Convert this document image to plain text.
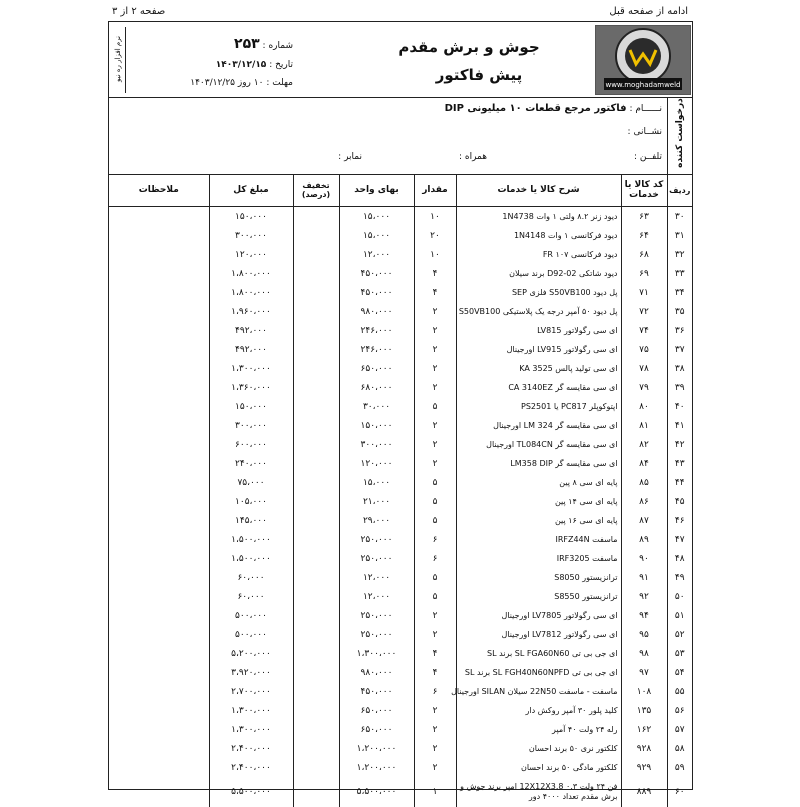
صفحه ۲ از ۳	ادامه از صفحه قبل
نرم افزار ره نیو	شماره : ۲۵۳
تاریخ : ۱۴۰۳/۱۲/۱۵
مهلت : ۱۰ روز ۱۴۰۳/۱۲/۲۵
جوش و برش مقدم
پیش فاکتور
www.moghadamweld
درخواست کننده
نــــــام : فاکتور مرجع قطعات ۱۰ میلیونی DIP
نشــانی :
تلفــن :
همراه :
نمابر :
ملاحظات	مبلغ کل	تخفیف (درصد)	بهای واحد	مقدار	شرح کالا یا خدمات	کد کالا یا خدمات	ردیف
	۱۵۰،۰۰۰		۱۵،۰۰۰	۱۰	دیود زنر ۸.۲ ولتی ۱ وات 1N4738	۶۳	۳۰
	۳۰۰،۰۰۰		۱۵،۰۰۰	۲۰	دیود فرکانسی ۱ وات 1N4148	۶۴	۳۱
	۱۲۰،۰۰۰		۱۲،۰۰۰	۱۰	دیود فرکانسی FR ۱۰۷	۶۸	۳۲
	۱،۸۰۰،۰۰۰		۴۵۰،۰۰۰	۴	دیود شاتکی D92-02 برند سیلان	۶۹	۳۳
	۱،۸۰۰،۰۰۰		۴۵۰،۰۰۰	۴	پل دیود S50VB100 فلزی SEP	۷۱	۳۴
	۱،۹۶۰،۰۰۰		۹۸۰،۰۰۰	۲	پل دیود ۵۰ آمپر درجه یک پلاستیکی S50VB100	۷۲	۳۵
	۴۹۲،۰۰۰		۲۴۶،۰۰۰	۲	ای سی رگولاتور LV815	۷۴	۳۶
	۴۹۲،۰۰۰		۲۴۶،۰۰۰	۲	ای سی رگولاتور LV915 اورجینال	۷۵	۳۷
	۱،۳۰۰،۰۰۰		۶۵۰،۰۰۰	۲	ای سی تولید پالس KA 3525	۷۸	۳۸
	۱،۳۶۰،۰۰۰		۶۸۰،۰۰۰	۲	ای سی مقایسه گر CA 3140EZ	۷۹	۳۹
	۱۵۰،۰۰۰		۳۰،۰۰۰	۵	اپتوکوپلر PC817 یا PS2501	۸۰	۴۰
	۳۰۰،۰۰۰		۱۵۰،۰۰۰	۲	ای سی مقایسه گر LM 324 اورجینال	۸۱	۴۱
	۶۰۰،۰۰۰		۳۰۰،۰۰۰	۲	ای سی مقایسه گر TL084CN اورجینال	۸۲	۴۲
	۲۴۰،۰۰۰		۱۲۰،۰۰۰	۲	ای سی مقایسه گر LM358 DIP	۸۴	۴۳
	۷۵،۰۰۰		۱۵،۰۰۰	۵	پایه ای سی ۸ پین	۸۵	۴۴
	۱۰۵،۰۰۰		۲۱،۰۰۰	۵	پایه ای سی ۱۴ پین	۸۶	۴۵
	۱۴۵،۰۰۰		۲۹،۰۰۰	۵	پایه ای سی ۱۶ پین	۸۷	۴۶
	۱،۵۰۰،۰۰۰		۲۵۰،۰۰۰	۶	ماسفت IRFZ44N	۸۹	۴۷
	۱،۵۰۰،۰۰۰		۲۵۰،۰۰۰	۶	ماسفت IRF3205	۹۰	۴۸
	۶۰،۰۰۰		۱۲،۰۰۰	۵	ترانزیستور S8050	۹۱	۴۹
	۶۰،۰۰۰		۱۲،۰۰۰	۵	ترانزیستور S8550	۹۲	۵۰
	۵۰۰،۰۰۰		۲۵۰،۰۰۰	۲	ای سی رگولاتور LV7805 اورجینال	۹۴	۵۱
	۵۰۰،۰۰۰		۲۵۰،۰۰۰	۲	ای سی رگولاتور LV7812 اورجینال	۹۵	۵۲
	۵،۲۰۰،۰۰۰		۱،۳۰۰،۰۰۰	۴	ای جی بی تی SL FGA60N60 برند SL	۹۸	۵۳
	۳،۹۲۰،۰۰۰		۹۸۰،۰۰۰	۴	ای جی بی تی SL FGH40N60NPFD برند SL	۹۷	۵۴
	۲،۷۰۰،۰۰۰		۴۵۰،۰۰۰	۶	ماسفت - ماسفت 22N50 سیلان SILAN اورجینال	۱۰۸	۵۵
	۱،۳۰۰،۰۰۰		۶۵۰،۰۰۰	۲	کلید پلور ۳۰ آمپر روکش دار	۱۳۵	۵۶
	۱،۳۰۰،۰۰۰		۶۵۰،۰۰۰	۲	رله ۲۴ ولت ۴۰ آمپر	۱۶۲	۵۷
	۲،۴۰۰،۰۰۰		۱،۲۰۰،۰۰۰	۲	کلکتور نری ۵۰ برند احسان	۹۲۸	۵۸
	۲،۴۰۰،۰۰۰		۱،۲۰۰،۰۰۰	۲	کلکتور مادگی ۵۰ برند احسان	۹۲۹	۵۹
	۵،۵۰۰،۰۰۰		۵،۵۰۰،۰۰۰	۱	فن ۲۴ ولت ۰.۳ 12X12X3.8 امپر برند جوش و برش مقدم تعداد ۴۰۰۰ دور	۸۸۹	۶۰
